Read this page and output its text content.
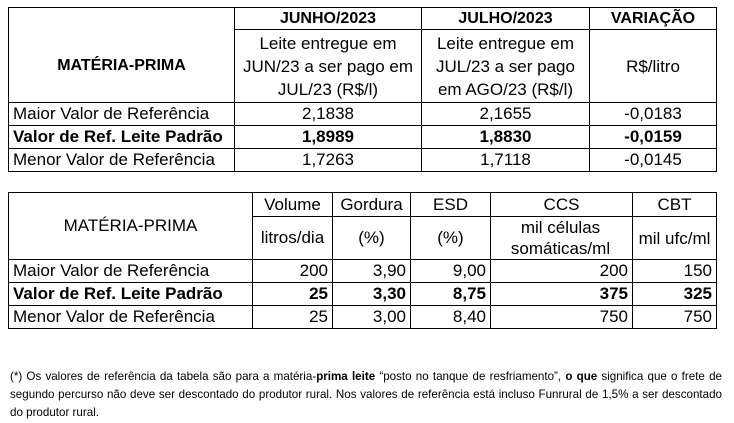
	JUNHO/2023	JULHO/2023	VARIAÇÃO
MATÉRIA-PRIMA	Leite entregue em JUN/23 a ser pago em JUL/23 (R$/l)	Leite entregue em JUL/23 a ser pago em AGO/23 (R$/l)	R$/litro
Maior Valor de Referência	2,1838	2,1655	-0,0183
Valor de Ref. Leite Padrão	1,8989	1,8830	-0,0159
Menor Valor de Referência	1,7263	1,7118	-0,0145
MATÉRIA-PRIMA	Volume	Gordura	ESD	CCS	CBT
	litros/dia	(%)	(%)	mil células somáticas/ml	mil ufc/ml
Maior Valor de Referência	200	3,90	9,00	200	150
Valor de Ref. Leite Padrão	25	3,30	8,75	375	325
Menor Valor de Referência	25	3,00	8,40	750	750

(*) Os valores de referência da tabela são para a matéria-prima leite “posto no tanque de resfriamento”, o que significa que o frete de segundo percurso não deve ser descontado do produtor rural. Nos valores de referência está incluso Funrural de 1,5% a ser descontado do produtor rural.
